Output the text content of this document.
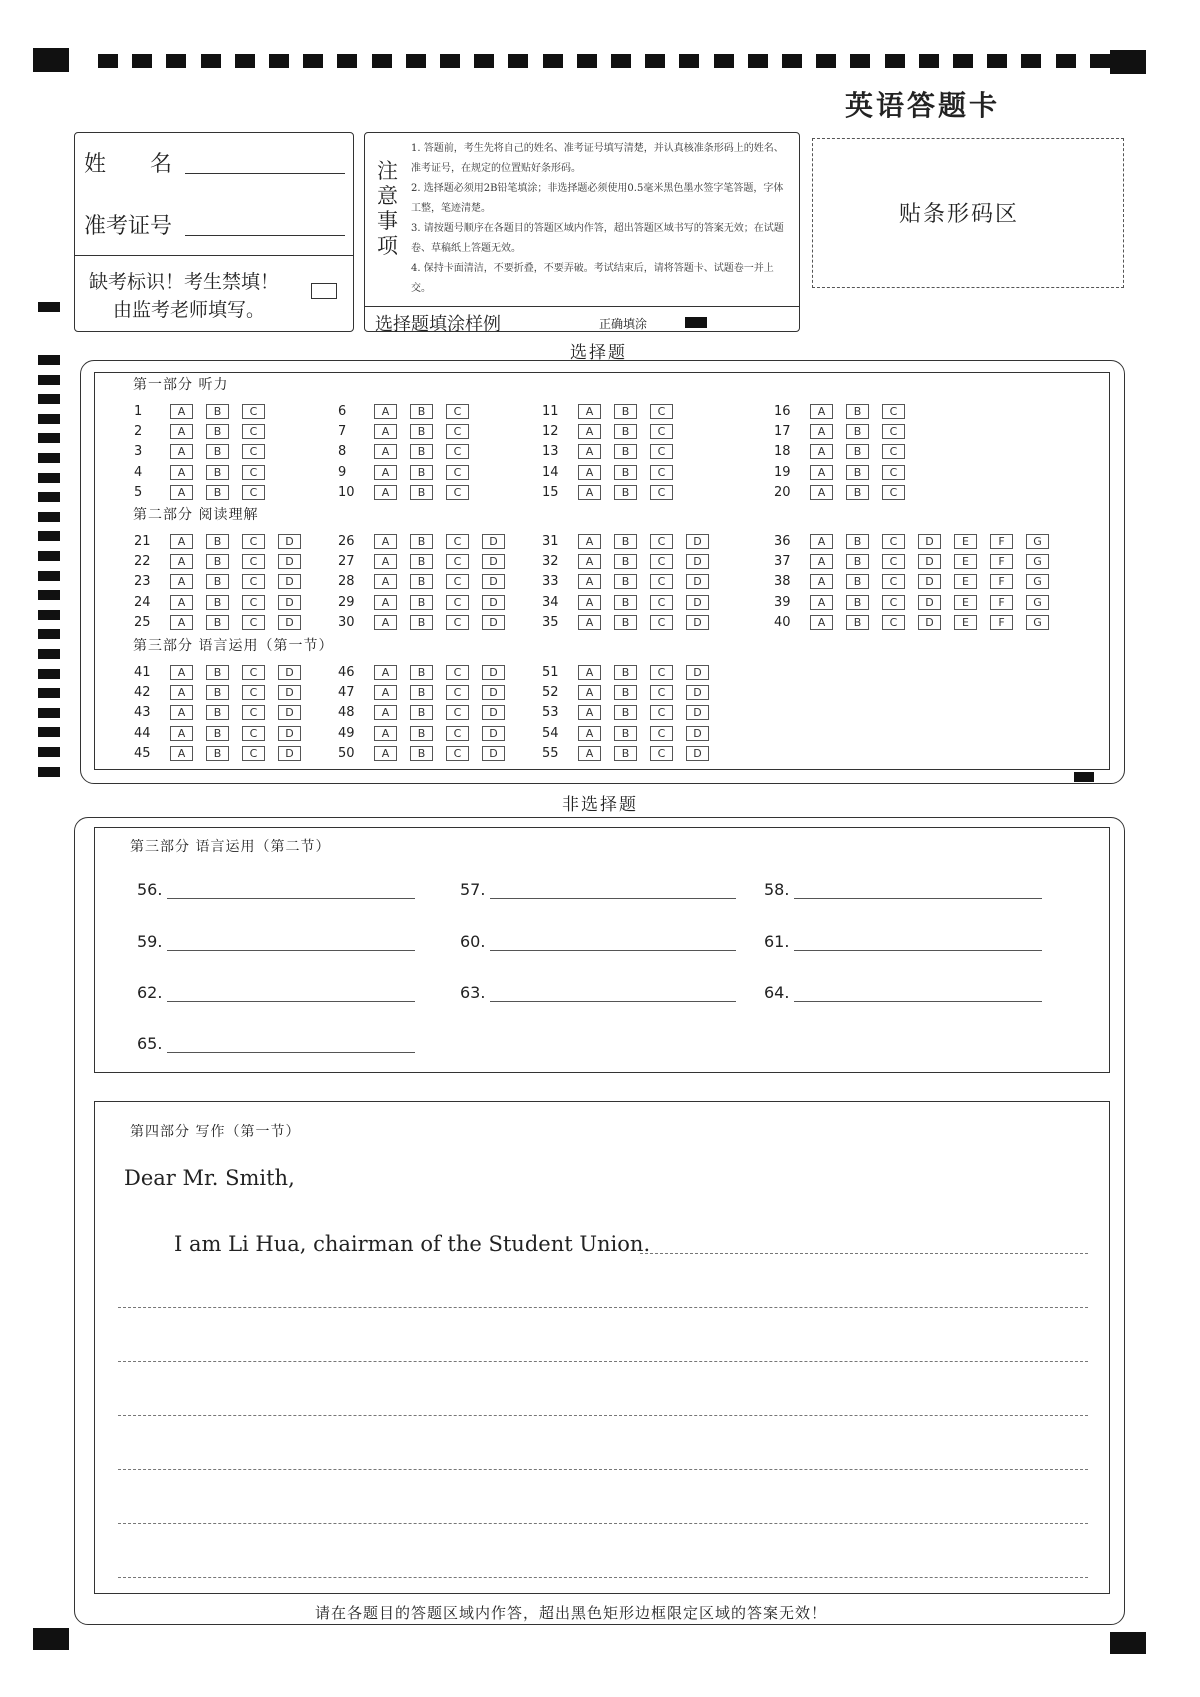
英语答题卡
姓　　名
准考证号
缺考标识！考生禁填！
由监考老师填写。
注
意
事
项
1. 答题前，考生先将自己的姓名、准考证号填写清楚，并认真核准条形码上的姓名、准考证号，在规定的位置贴好条形码。
2. 选择题必须用2B铅笔填涂；非选择题必须使用0.5毫米黑色墨水签字笔答题，字体工整，笔迹清楚。
3. 请按题号顺序在各题目的答题区域内作答，超出答题区域书写的答案无效；在试题卷、草稿纸上答题无效。
4. 保持卡面清洁，不要折叠，不要弄破。考试结束后，请将答题卡、试题卷一并上交。
选择题填涂样例	正确填涂
贴条形码区
选择题
第一部分 听力
第二部分 阅读理解
第三部分 语言运用（第一节）
1	A	B	C
2	A	B	C
3	A	B	C
4	A	B	C
5	A	B	C
6	A	B	C
7	A	B	C
8	A	B	C
9	A	B	C
10 A	B	C
11 A	B	C
12 A	B	C
13 A	B	C
14 A	B	C
15 A	B	C
16 A	B	C
17 A	B	C
18 A	B	C
19 A	B	C
20 A	B	C
21 A	B	C	D
22 A	B	C	D
23 A	B	C	D
24 A	B	C	D
25 A	B	C	D
26 A	B	C	D
27 A	B	C	D
28 A	B	C	D
29 A	B	C	D
30 A	B	C	D
31 A	B	C	D
32 A	B	C	D
33 A	B	C	D
34 A	B	C	D
35 A	B	C	D
36 A	B	C	D	E	F	G
37 A	B	C	D	E	F	G
38 A	B	C	D	E	F	G
39 A	B	C	D	E	F	G
40 A	B	C	D	E	F	G
41 A	B	C	D
42 A	B	C	D
43 A	B	C	D
44 A	B	C	D
45 A	B	C	D
46 A	B	C	D
47 A	B	C	D
48 A	B	C	D
49 A	B	C	D
50 A	B	C	D
51 A	B	C	D
52 A	B	C	D
53 A	B	C	D
54 A	B	C	D
55 A	B	C	D
非选择题
第三部分 语言运用（第二节）
56.	57.	58.
59.	60.	61.
62.	63.	64.
65.
第四部分 写作（第一节）
Dear Mr. Smith,
I am Li Hua, chairman of the Student Union.
请在各题目的答题区域内作答，超出黑色矩形边框限定区域的答案无效！
